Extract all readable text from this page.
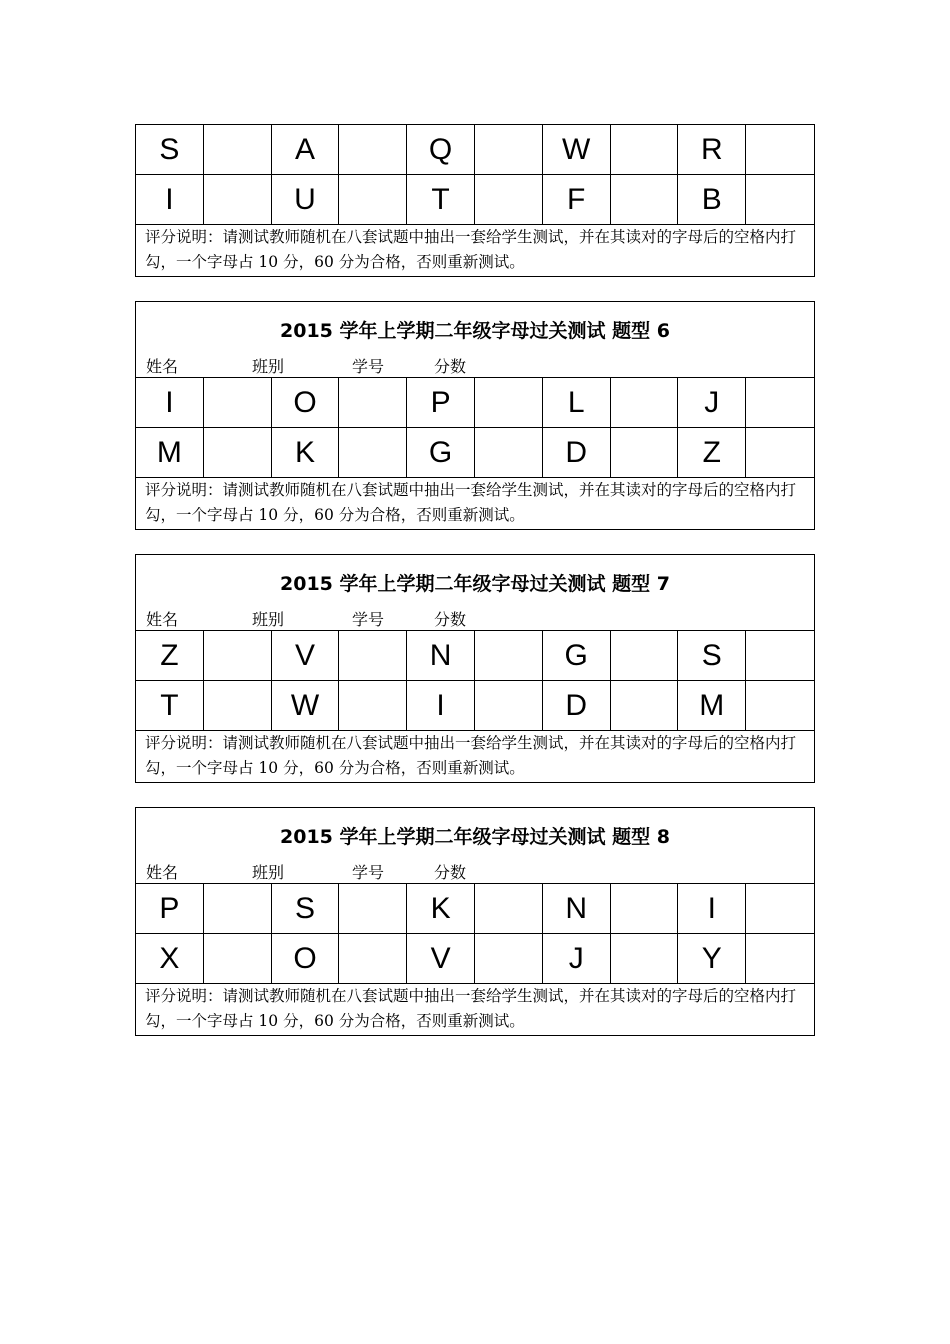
S	A	Q	W	R
I	U	T	F	B
评分说明：请测试教师随机在八套试题中抽出一套给学生测试，并在其读对的字母后的空格内打勾，一个字母占 10 分，60 分为合格，否则重新测试。
2015 学年上学期二年级字母过关测试 题型 6
姓名	班别	学号	分数
I	O	P	L	J
M	K	G	D	Z
评分说明：请测试教师随机在八套试题中抽出一套给学生测试，并在其读对的字母后的空格内打勾，一个字母占 10 分，60 分为合格，否则重新测试。
2015 学年上学期二年级字母过关测试 题型 7
姓名	班别	学号	分数
Z	V	N	G	S
T	W	I	D	M
评分说明：请测试教师随机在八套试题中抽出一套给学生测试，并在其读对的字母后的空格内打勾，一个字母占 10 分，60 分为合格，否则重新测试。
2015 学年上学期二年级字母过关测试 题型 8
姓名	班别	学号	分数
P	S	K	N	I
X	O	V	J	Y
评分说明：请测试教师随机在八套试题中抽出一套给学生测试，并在其读对的字母后的空格内打勾，一个字母占 10 分，60 分为合格，否则重新测试。
